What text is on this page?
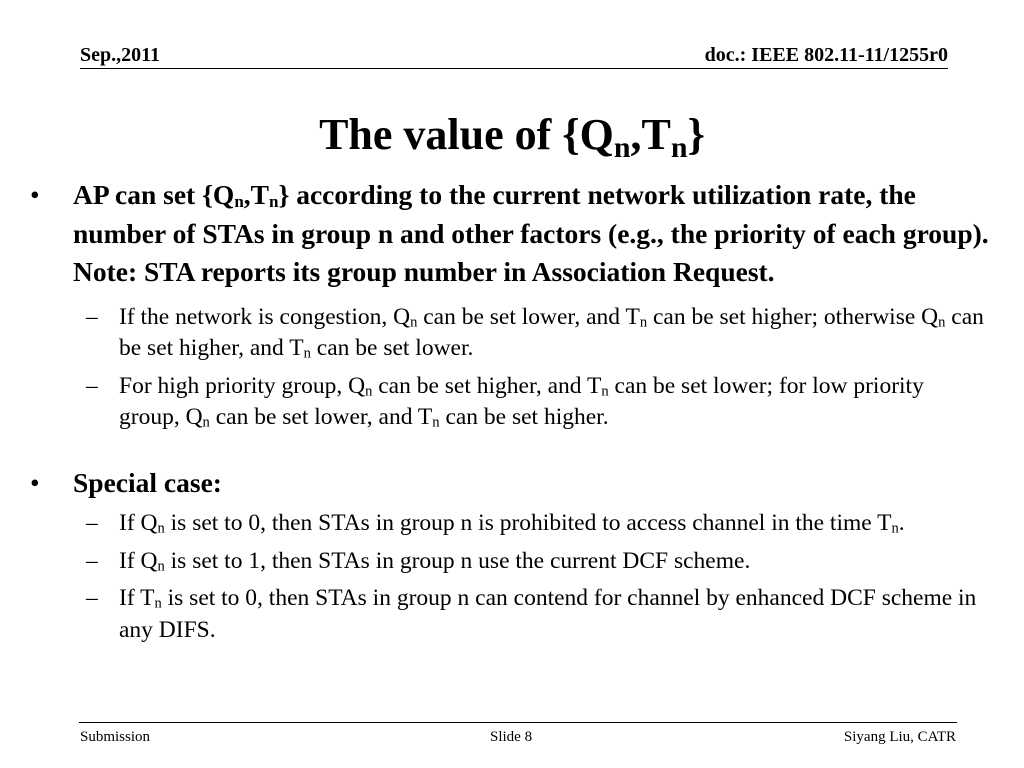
Sep.,2011	doc.: IEEE 802.11-11/1255r0
The value of $\{Q_n,T_n\}$
• AP can set $\{Q_n,T_n\}$ according to the current network utilization rate, the number of STAs in group n and other factors (e.g., the priority of each group). Note: STA reports its group number in Association Request.
– If the network is congestion, $Q_n$ can be set lower, and $T_n$ can be set higher; otherwise $Q_n$ can be set higher, and $T_n$ can be set lower.
– For high priority group, $Q_n$ can be set higher, and $T_n$ can be set lower; for low priority group, $Q_n$ can be set lower, and $T_n$ can be set higher.
• Special case:
– If $Q_n$ is set to 0, then STAs in group n is prohibited to access channel in the time $T_n$.
– If $Q_n$ is set to 1, then STAs in group n use the current DCF scheme.
– If $T_n$ is set to 0, then STAs in group n can contend for channel by enhanced DCF scheme in any DIFS.
Submission	Slide 8	Siyang Liu, CATR
